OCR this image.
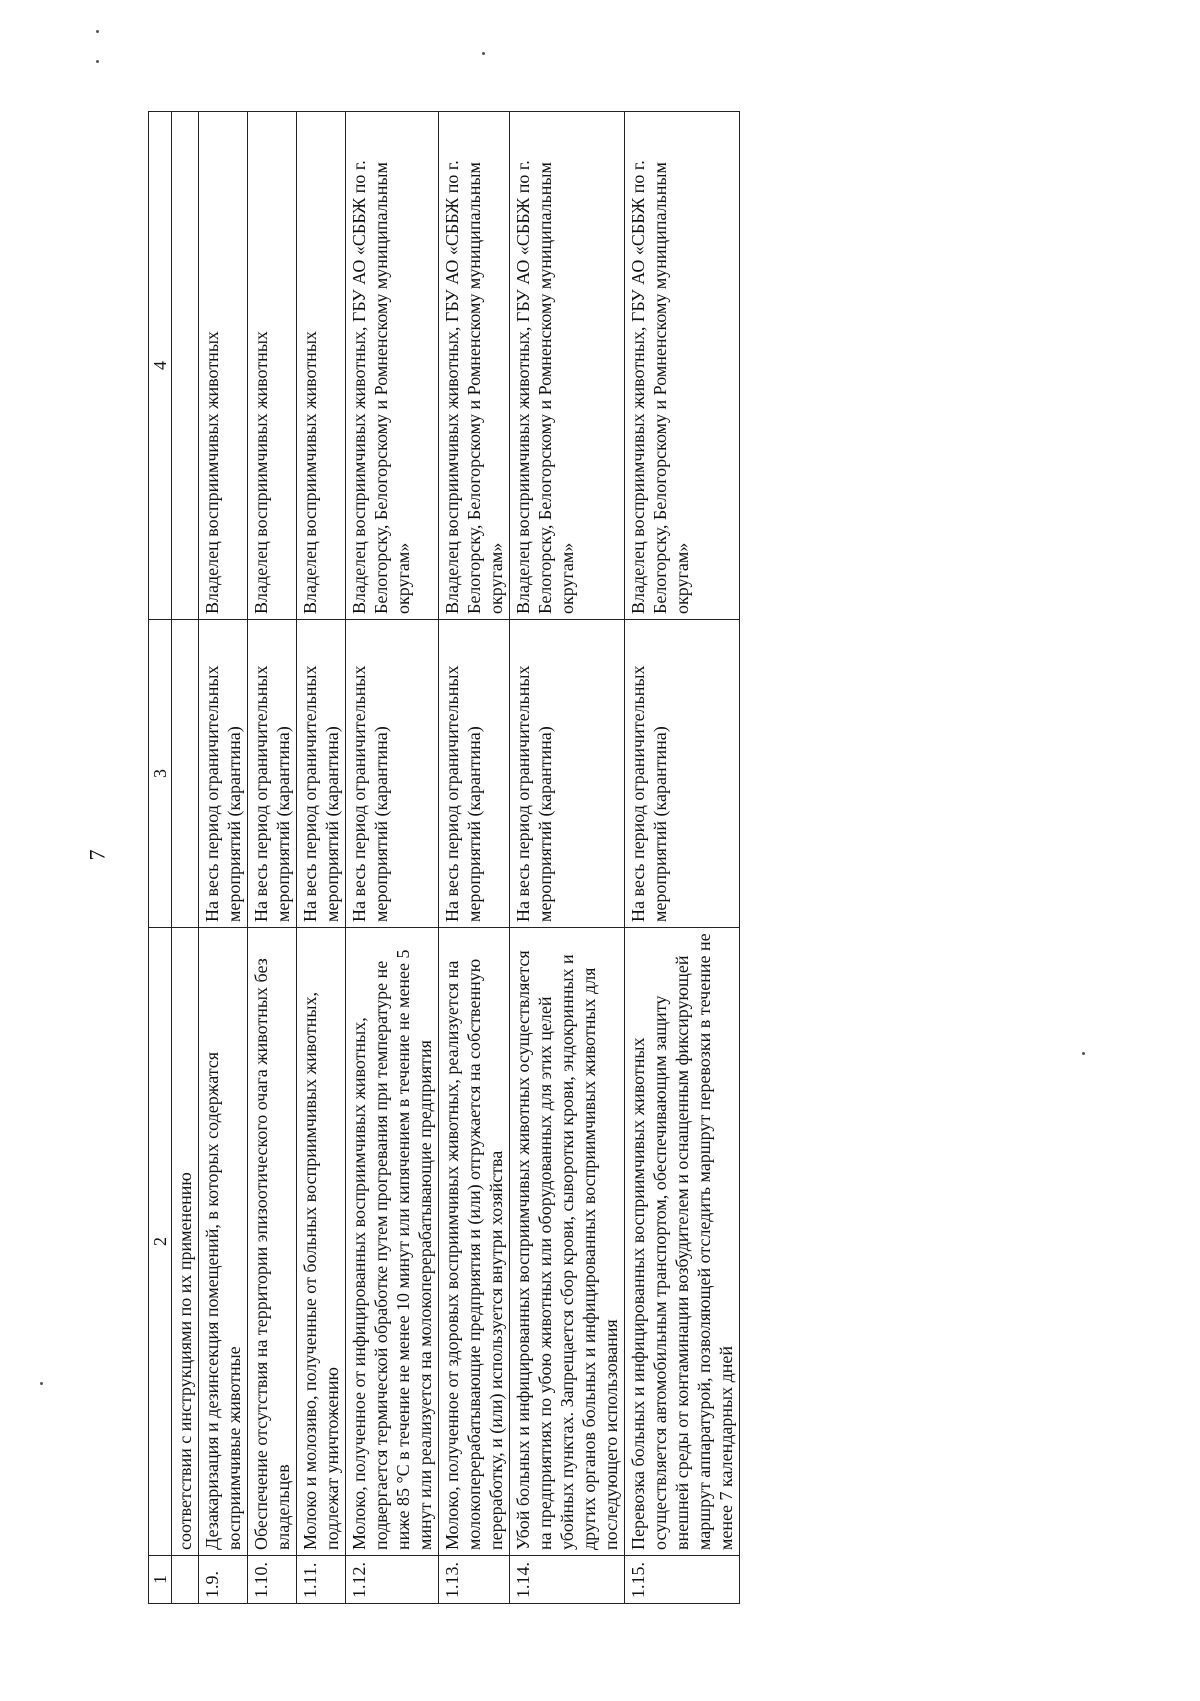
7
1	2	3	4
	соответствии с инструкциями по их применению		
1.9.	Дезакаризация и дезинсекция помещений, в которых содержатся восприимчивые животные	На весь период ограничительных мероприятий (карантина)	Владелец восприимчивых животных
1.10.	Обеспечение отсутствия на территории эпизоотического очага животных без владельцев	На весь период ограничительных мероприятий (карантина)	Владелец восприимчивых животных
1.11.	Молоко и молозиво, полученные от больных восприимчивых животных, подлежат уничтожению	На весь период ограничительных мероприятий (карантина)	Владелец восприимчивых животных
1.12.	Молоко, полученное от инфицированных восприимчивых животных, подвергается термической обработке путем прогревания при температуре не ниже 85 °С в течение не менее 10 минут или кипячением в течение не менее 5 минут или реализуется на молокоперерабатывающие предприятия	На весь период ограничительных мероприятий (карантина)	Владелец восприимчивых животных, ГБУ АО «СББЖ по г. Белогорску, Белогорскому и Ромненскому муниципальным округам»
1.13.	Молоко, полученное от здоровых восприимчивых животных, реализуется на молокоперерабатывающие предприятия и (или) отгружается на собственную переработку, и (или) используется внутри хозяйства	На весь период ограничительных мероприятий (карантина)	Владелец восприимчивых животных, ГБУ АО «СББЖ по г. Белогорску, Белогорскому и Ромненскому муниципальным округам»
1.14.	Убой больных и инфицированных восприимчивых животных осуществляется на предприятиях по убою животных или оборудованных для этих целей убойных пунктах. Запрещается сбор крови, сыворотки крови, эндокринных и других органов больных и инфицированных восприимчивых животных для последующего использования	На весь период ограничительных мероприятий (карантина)	Владелец восприимчивых животных, ГБУ АО «СББЖ по г. Белогорску, Белогорскому и Ромненскому муниципальным округам»
1.15.	Перевозка больных и инфицированных восприимчивых животных осуществляется автомобильным транспортом, обеспечивающим защиту внешней среды от контаминации возбудителем и оснащенным фиксирующей маршрут аппаратурой, позволяющей отследить маршрут перевозки в течение не менее 7 календарных дней	На весь период ограничительных мероприятий (карантина)	Владелец восприимчивых животных, ГБУ АО «СББЖ по г. Белогорску, Белогорскому и Ромненскому муниципальным округам»
